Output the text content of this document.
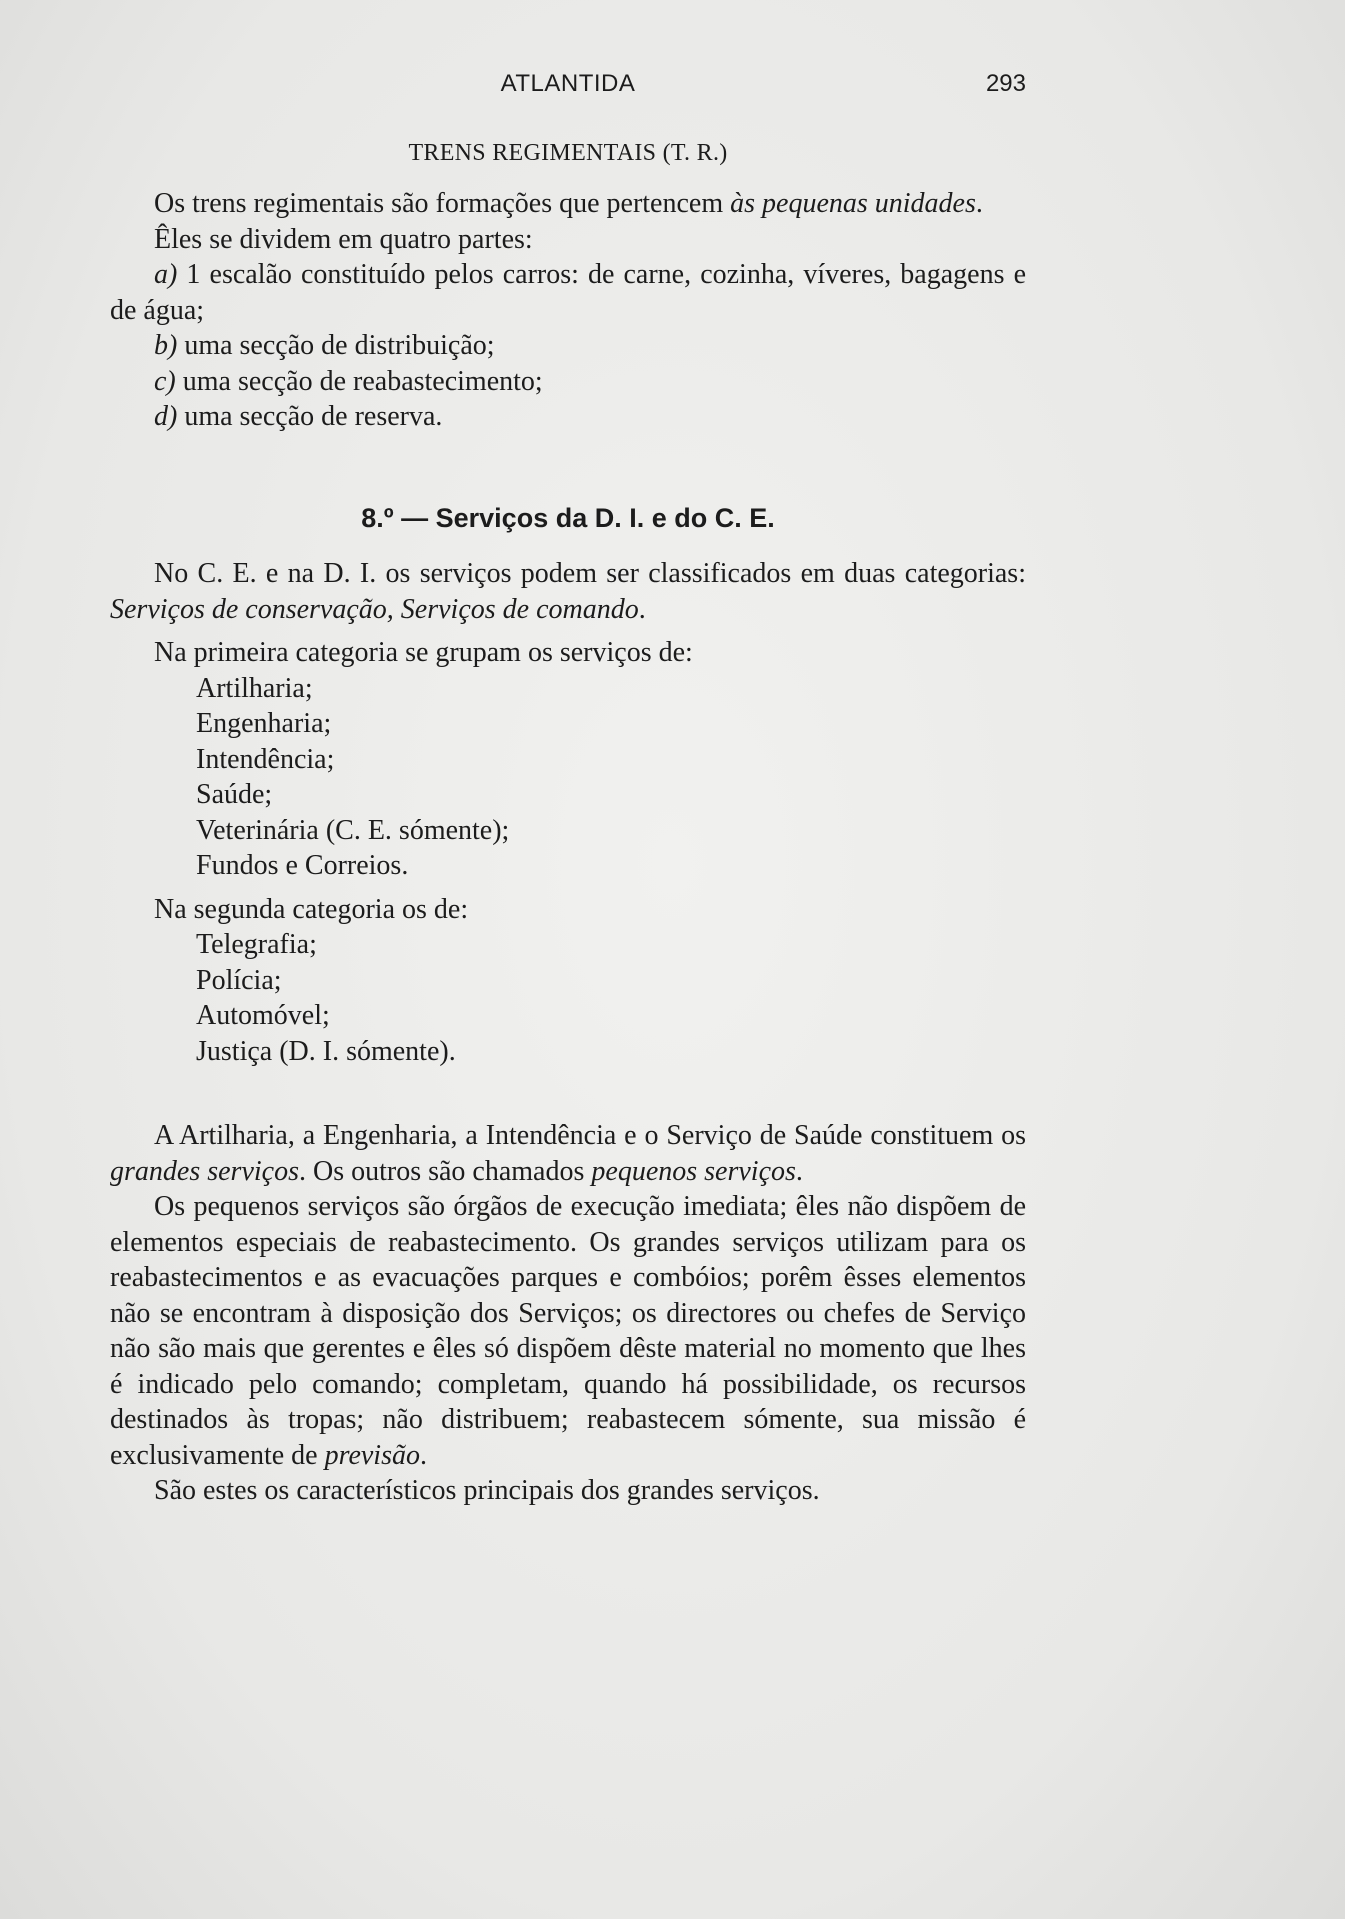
ATLANTIDA	293
TRENS REGIMENTAIS (T. R.)

Os trens regimentais são formações que pertencem às pequenas unidades.

Êles se dividem em quatro partes:

a) 1 escalão constituído pelos carros: de carne, cozinha, víveres, bagagens e de água;

b) uma secção de distribuição;

c) uma secção de reabastecimento;

d) uma secção de reserva.

8.º — Serviços da D. I. e do C. E.

No C. E. e na D. I. os serviços podem ser classificados em duas categorias: Serviços de conservação, Serviços de comando.

Na primeira categoria se grupam os serviços de:

Artilharia;

Engenharia;

Intendência;

Saúde;

Veterinária (C. E. sómente);

Fundos e Correios.

Na segunda categoria os de:

Telegrafia;

Polícia;

Automóvel;

Justiça (D. I. sómente).

A Artilharia, a Engenharia, a Intendência e o Serviço de Saúde constituem os grandes serviços. Os outros são chamados pequenos serviços.

Os pequenos serviços são órgãos de execução imediata; êles não dispõem de elementos especiais de reabastecimento. Os grandes serviços utilizam para os reabastecimentos e as evacuações parques e combóios; porêm êsses elementos não se encontram à disposição dos Serviços; os directores ou chefes de Serviço não são mais que gerentes e êles só dispõem dêste material no momento que lhes é indicado pelo comando; completam, quando há possibilidade, os recursos destinados às tropas; não distribuem; reabastecem sómente, sua missão é exclusivamente de previsão.

São estes os característicos principais dos grandes serviços.
